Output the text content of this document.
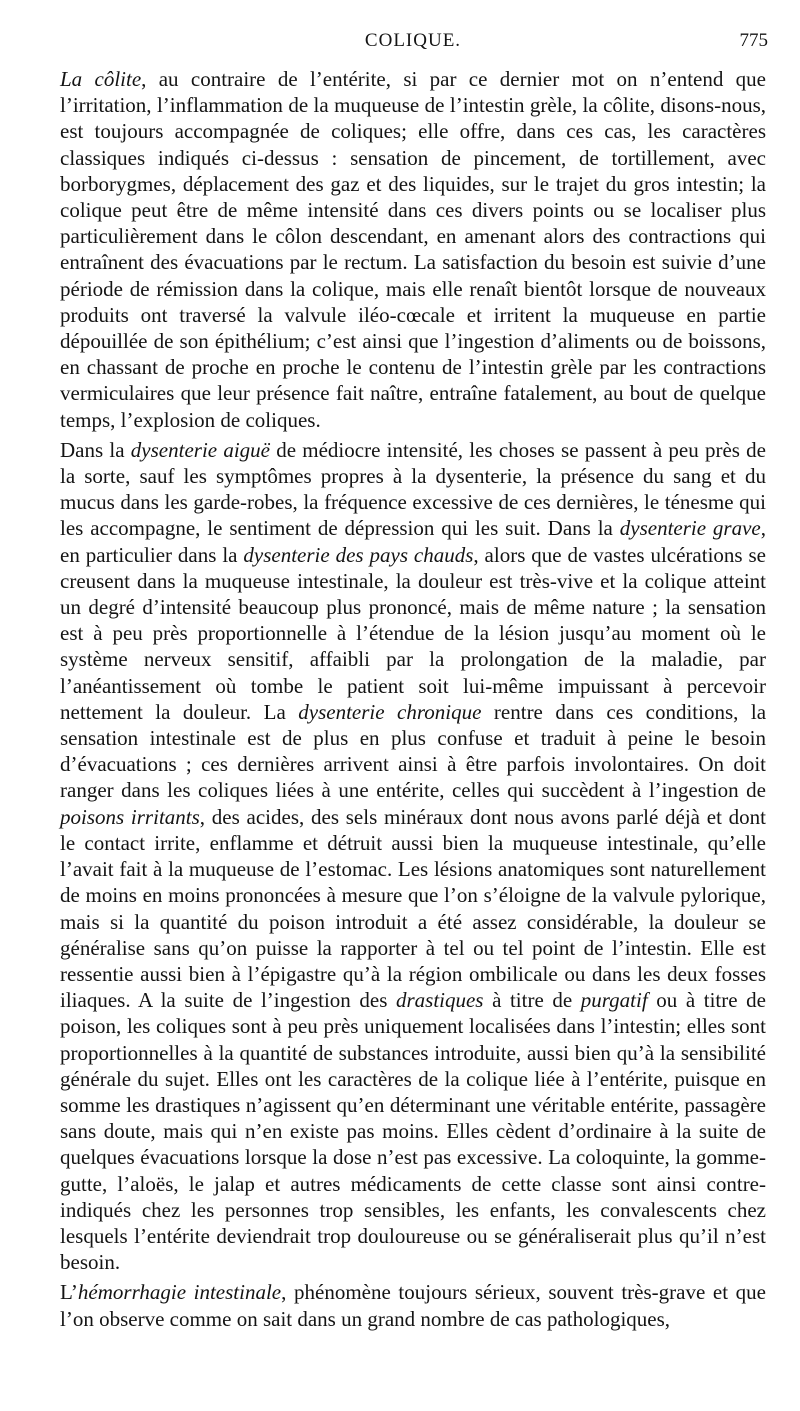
COLIQUE.	775

La côlite, au contraire de l’entérite, si par ce dernier mot on n’entend que l’irritation, l’inflammation de la muqueuse de l’intestin grèle, la côlite, disons-nous, est toujours accompagnée de coliques; elle offre, dans ces cas, les caractères classiques indiqués ci-dessus : sensation de pincement, de tortillement, avec borborygmes, déplacement des gaz et des liquides, sur le trajet du gros intestin; la colique peut être de même intensité dans ces divers points ou se localiser plus particulièrement dans le côlon descendant, en amenant alors des contractions qui entraînent des évacuations par le rectum. La satisfaction du besoin est suivie d’une période de rémission dans la colique, mais elle renaît bientôt lorsque de nouveaux produits ont traversé la valvule iléo-cœcale et irritent la muqueuse en partie dépouillée de son épithélium; c’est ainsi que l’ingestion d’aliments ou de boissons, en chassant de proche en proche le contenu de l’intestin grèle par les contractions vermiculaires que leur présence fait naître, entraîne fatalement, au bout de quelque temps, l’explosion de coliques.

Dans la dysenterie aiguë de médiocre intensité, les choses se passent à peu près de la sorte, sauf les symptômes propres à la dysenterie, la présence du sang et du mucus dans les garde-robes, la fréquence excessive de ces dernières, le ténesme qui les accompagne, le sentiment de dépression qui les suit. Dans la dysenterie grave, en particulier dans la dysenterie des pays chauds, alors que de vastes ulcérations se creusent dans la muqueuse intestinale, la douleur est très-vive et la colique atteint un degré d’intensité beaucoup plus prononcé, mais de même nature ; la sensation est à peu près proportionnelle à l’étendue de la lésion jusqu’au moment où le système nerveux sensitif, affaibli par la prolongation de la maladie, par l’anéantissement où tombe le patient soit lui-même impuissant à percevoir nettement la douleur. La dysenterie chronique rentre dans ces conditions, la sensation intestinale est de plus en plus confuse et traduit à peine le besoin d’évacuations ; ces dernières arrivent ainsi à être parfois involontaires. On doit ranger dans les coliques liées à une entérite, celles qui succèdent à l’ingestion de poisons irritants, des acides, des sels minéraux dont nous avons parlé déjà et dont le contact irrite, enflamme et détruit aussi bien la muqueuse intestinale, qu’elle l’avait fait à la muqueuse de l’estomac. Les lésions anatomiques sont naturellement de moins en moins prononcées à mesure que l’on s’éloigne de la valvule pylorique, mais si la quantité du poison introduit a été assez considérable, la douleur se généralise sans qu’on puisse la rapporter à tel ou tel point de l’intestin. Elle est ressentie aussi bien à l’épigastre qu’à la région ombilicale ou dans les deux fosses iliaques. A la suite de l’ingestion des drastiques à titre de purgatif ou à titre de poison, les coliques sont à peu près uniquement localisées dans l’intestin; elles sont proportionnelles à la quantité de substances introduite, aussi bien qu’à la sensibilité générale du sujet. Elles ont les caractères de la colique liée à l’entérite, puisque en somme les drastiques n’agissent qu’en déterminant une véritable entérite, passagère sans doute, mais qui n’en existe pas moins. Elles cèdent d’ordinaire à la suite de quelques évacuations lorsque la dose n’est pas excessive. La coloquinte, la gomme-gutte, l’aloës, le jalap et autres médicaments de cette classe sont ainsi contre-indiqués chez les personnes trop sensibles, les enfants, les convalescents chez lesquels l’entérite deviendrait trop douloureuse ou se généraliserait plus qu’il n’est besoin.

L’hémorrhagie intestinale, phénomène toujours sérieux, souvent très-grave et que l’on observe comme on sait dans un grand nombre de cas pathologiques,
